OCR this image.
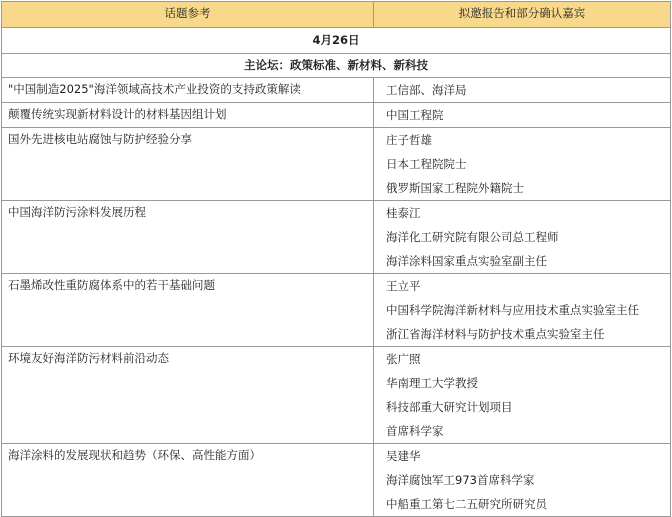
话题参考	拟邀报告和部分确认嘉宾
4月26日	
主论坛：政策标准、新材料、新科技	
"中国制造2025"海洋领域高技术产业投资的支持政策解读	工信部、海洋局

颠覆传统实现新材料设计的材料基因组计划	中国工程院

国外先进核电站腐蚀与防护经验分享	庄子哲雄
日本工程院院士
俄罗斯国家工程院外籍院士

中国海洋防污涂料发展历程	桂泰江
海洋化工研究院有限公司总工程师
海洋涂料国家重点实验室副主任

石墨烯改性重防腐体系中的若干基础问题	王立平
中国科学院海洋新材料与应用技术重点实验室主任
浙江省海洋材料与防护技术重点实验室主任

环境友好海洋防污材料前沿动态	张广照
华南理工大学教授
科技部重大研究计划项目
首席科学家

海洋涂料的发展现状和趋势（环保、高性能方面）	吴建华
海洋腐蚀军工973首席科学家
中船重工第七二五研究所研究员
